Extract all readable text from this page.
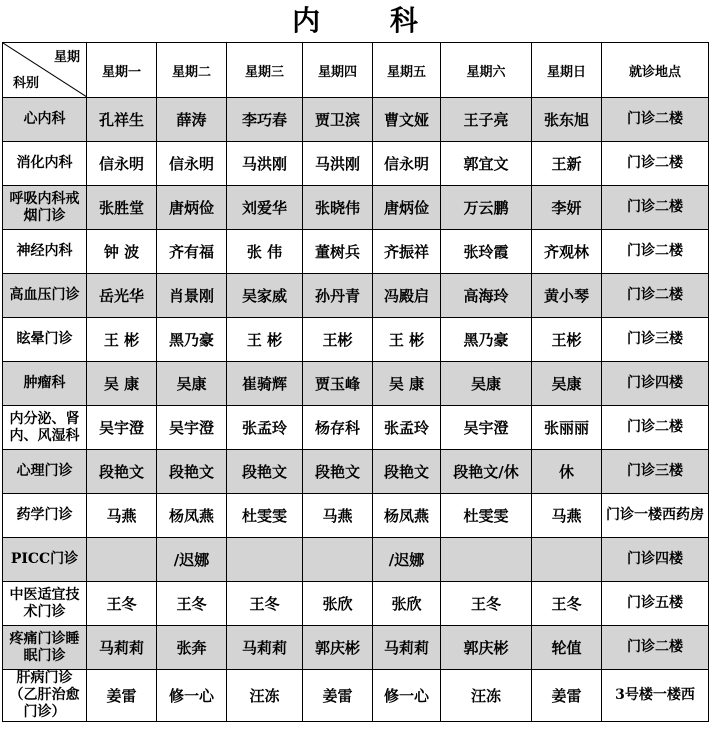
内 科
星期
科别	星期一	星期二	星期三	星期四	星期五	星期六	星期日	就诊地点
心内科	孔祥生	薛涛	李巧春	贾卫滨	曹文娅	王子亮	张东旭	门诊二楼
消化内科	信永明	信永明	马洪刚	马洪刚	信永明	郭宜文	王新	门诊二楼
呼吸内科戒烟门诊	张胜堂	唐炳俭	刘爱华	张晓伟	唐炳俭	万云鹏	李妍	门诊二楼
神经内科	钟 波	齐有福	张 伟	董树兵	齐振祥	张玲霞	齐观林	门诊二楼
高血压门诊	岳光华	肖景刚	吴家威	孙丹青	冯殿启	高海玲	黄小琴	门诊二楼
眩晕门诊	王 彬	黑乃豪	王 彬	王彬	王 彬	黑乃豪	王彬	门诊三楼
肿瘤科	吴 康	吴康	崔骑辉	贾玉峰	吴 康	吴康	吴康	门诊四楼
内分泌、肾内、风湿科	吴宇澄	吴宇澄	张孟玲	杨存科	张孟玲	吴宇澄	张丽丽	门诊二楼
心理门诊	段艳文	段艳文	段艳文	段艳文	段艳文	段艳文/休	休	门诊三楼
药学门诊	马燕	杨凤燕	杜雯雯	马燕	杨凤燕	杜雯雯	马燕	门诊一楼西药房
PICC门诊		/迟娜			/迟娜			门诊四楼
中医适宜技术门诊	王冬	王冬	王冬	张欣	张欣	王冬	王冬	门诊五楼
疼痛门诊睡眠门诊	马莉莉	张奔	马莉莉	郭庆彬	马莉莉	郭庆彬	轮值	门诊二楼
肝病门诊（乙肝治愈门诊）	姜雷	修一心	汪冻	姜雷	修一心	汪冻	姜雷	3号楼一楼西
